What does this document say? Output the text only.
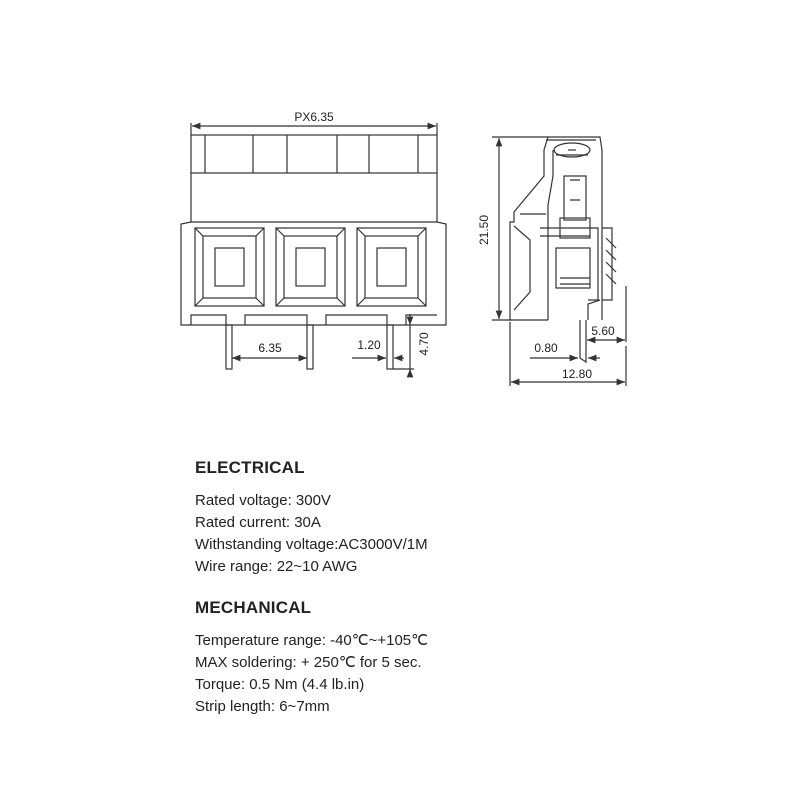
PX6.35
6.35	1.20	4.70
21.50
5.60
0.80
12.80
ELECTRICAL
Rated voltage: 300V
Rated current: 30A
Withstanding voltage:AC3000V/1M
Wire range: 22~10 AWG
MECHANICAL
Temperature range: -40℃~+105℃
MAX soldering: + 250℃ for 5 sec.
Torque: 0.5 Nm (4.4 lb.in)
Strip length: 6~7mm
